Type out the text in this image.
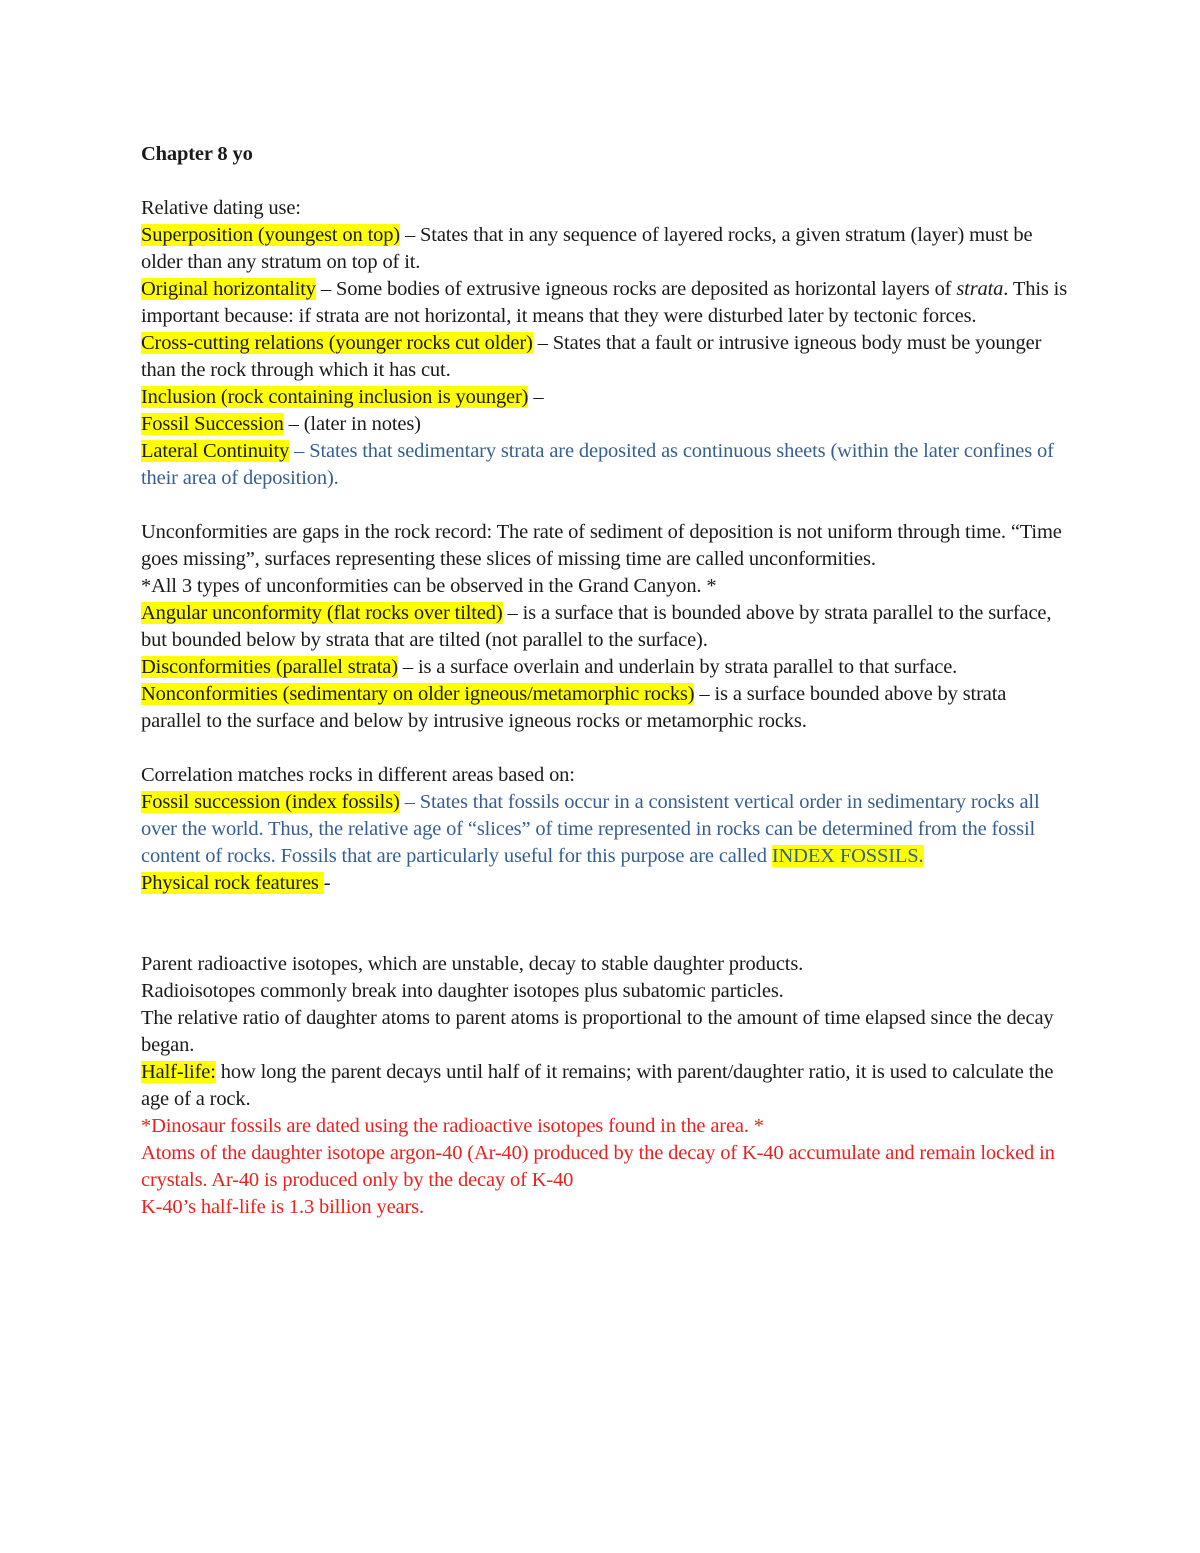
Chapter 8 yo

Relative dating use:

Superposition (youngest on top) – States that in any sequence of layered rocks, a given stratum (layer) must be older than any stratum on top of it.

Original horizontality – Some bodies of extrusive igneous rocks are deposited as horizontal layers of strata. This is important because: if strata are not horizontal, it means that they were disturbed later by tectonic forces.

Cross-cutting relations (younger rocks cut older) – States that a fault or intrusive igneous body must be younger than the rock through which it has cut.

Inclusion (rock containing inclusion is younger) –

Fossil Succession – (later in notes)

Lateral Continuity – States that sedimentary strata are deposited as continuous sheets (within the later confines of their area of deposition).

Unconformities are gaps in the rock record: The rate of sediment of deposition is not uniform through time. “Time goes missing”, surfaces representing these slices of missing time are called unconformities.

*All 3 types of unconformities can be observed in the Grand Canyon. *

Angular unconformity (flat rocks over tilted) – is a surface that is bounded above by strata parallel to the surface, but bounded below by strata that are tilted (not parallel to the surface).

Disconformities (parallel strata) – is a surface overlain and underlain by strata parallel to that surface.

Nonconformities (sedimentary on older igneous/metamorphic rocks) – is a surface bounded above by strata parallel to the surface and below by intrusive igneous rocks or metamorphic rocks.

Correlation matches rocks in different areas based on:

Fossil succession (index fossils) – States that fossils occur in a consistent vertical order in sedimentary rocks all over the world. Thus, the relative age of “slices” of time represented in rocks can be determined from the fossil content of rocks. Fossils that are particularly useful for this purpose are called INDEX FOSSILS.

Physical rock features -

Parent radioactive isotopes, which are unstable, decay to stable daughter products.

Radioisotopes commonly break into daughter isotopes plus subatomic particles.

The relative ratio of daughter atoms to parent atoms is proportional to the amount of time elapsed since the decay began.

Half-life: how long the parent decays until half of it remains; with parent/daughter ratio, it is used to calculate the age of a rock.

*Dinosaur fossils are dated using the radioactive isotopes found in the area. *

Atoms of the daughter isotope argon-40 (Ar-40) produced by the decay of K-40 accumulate and remain locked in crystals. Ar-40 is produced only by the decay of K-40

K-40’s half-life is 1.3 billion years.
